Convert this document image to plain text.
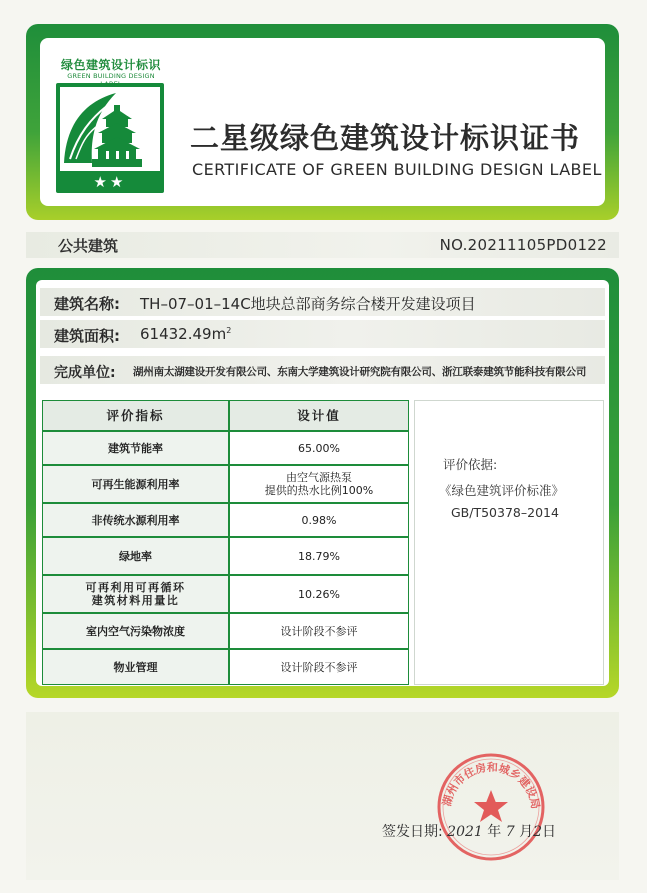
绿色建筑设计标识
GREEN BUILDING DESIGN
★★
二星级绿色建筑设计标识证书
CERTIFICATE OF GREEN BUILDING DESIGN LABEL
公共建筑	NO.20211105PD0122
建筑名称: TH–07–01–14C地块总部商务综合楼开发建设项目
建筑面积: $61432.49m^2$
完成单位: 湖州南太湖建设开发有限公司、东南大学建筑设计研究院有限公司、浙江联泰建筑节能科技有限公司
评价指标	设计值
建筑节能率	65.00%
可再生能源利用率	由空气源热泵
提供的热水比例100%
非传统水源利用率	0.98%
绿地率	18.79%
可再利用可再循环
建筑材料用量比	10.26%
室内空气污染物浓度	设计阶段不参评
物业管理	设计阶段不参评
评价依据:
《绿色建筑评价标准》
GB/T50378–2014
湖州市住房和城乡建设局
签发日期: 2021 年 7 月2日
